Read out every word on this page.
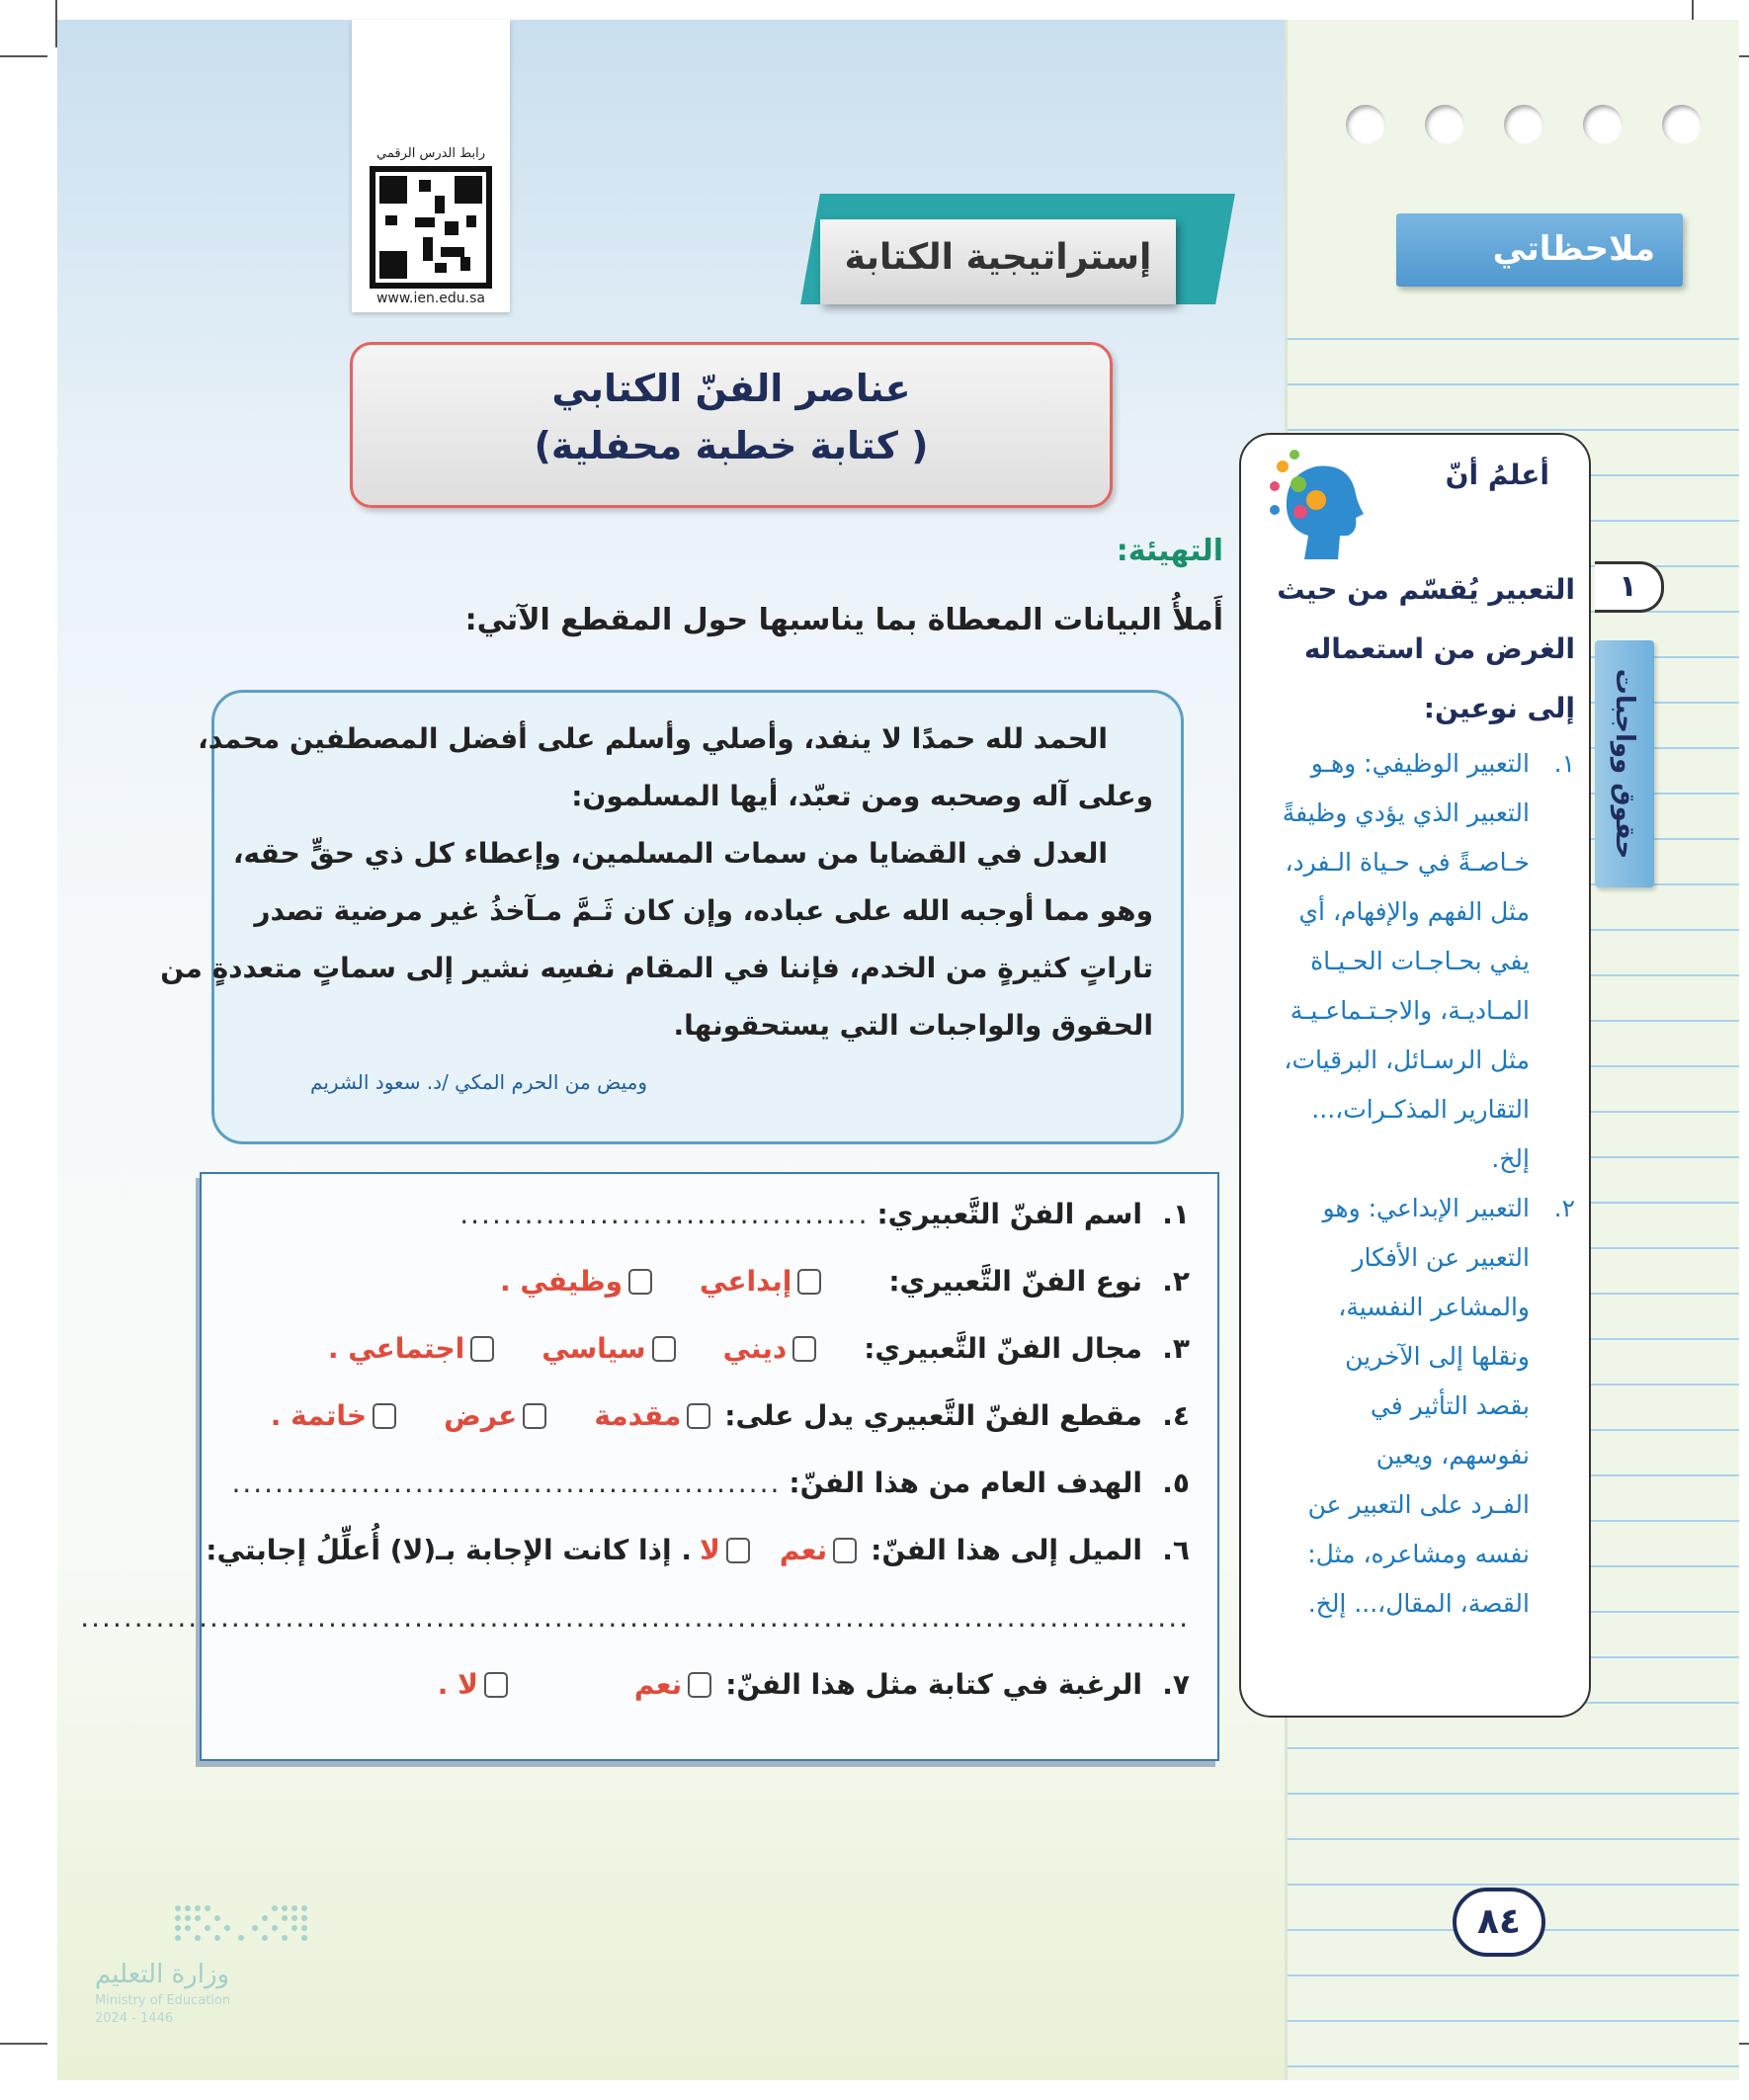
ملاحظاتي
رابط الدرس الرقمي
www.ien.edu.sa
إستراتيجية الكتابة
عناصر الفنّ الكتابي
( كتابة خطبة محفلية)
التهيئة:
أَملأُ البيانات المعطاة بما يناسبها حول المقطع الآتي:

الحمد لله حمدًا لا ينفد، وأصلي وأسلم على أفضل المصطفين محمد،

وعلى آله وصحبه ومن تعبّد، أيها المسلمون:

العدل في القضايا من سمات المسلمين، وإعطاء كل ذي حقٍّ حقه،

وهو مما أوجبه الله على عباده، وإن كان ثَـمَّ مـآخذُ غير مرضية تصدر

تاراتٍ كثيرةٍ من الخدم، فإننا في المقام نفسِه نشير إلى سماتٍ متعددةٍ من

الحقوق والواجبات التي يستحقونها.

وميض من الحرم المكي /د. سعود الشريم

١.
اسم الفنّ التَّعبيري:
......................................
٢.
نوع الفنّ التَّعبيري:
إبداعي
وظيفي .
٣.
مجال الفنّ التَّعبيري:
ديني
سياسي
اجتماعي .
٤.
مقطع الفنّ التَّعبيري يدل على:
مقدمة
عرض
خاتمة .
٥.
الهدف العام من هذا الفنّ:
...................................................
٦.
الميل إلى هذا الفنّ:
نعم
لا
. إذا كانت الإجابة بـ(لا) أُعلِّلُ إجابتي:
.......................................................................................................
٧.
الرغبة في كتابة مثل هذا الفنّ:
نعم
لا .
أعلمُ أنّ
التعبير يُقسّم من حيث
الغرض من استعماله
إلى نوعين:
١.
التعبير الوظيفي: وهـو
التعبير الذي يؤدي وظيفةً
خـاصـةً في حـياة الـفرد،
مثل الفهم والإفهام، أي
يفي بحـاجـات الحـيـاة
المـاديـة، والاجـتـماعـيـة
مثل الرسـائل، البرقيات،
التقارير المذكـرات،...
إلخ.
٢.
التعبير الإبداعي: وهو
التعبير عن الأفكار
والمشاعر النفسية،
ونقلها إلى الآخرين
بقصد التأثير في
نفوسهم، ويعين
الفـرد على التعبير عن
نفسه ومشاعره، مثل:
القصة، المقال،... إلخ.
١
حقوق وواجبات
٨٤
وزارة التعليم
Ministry of Education
2024 - 1446
